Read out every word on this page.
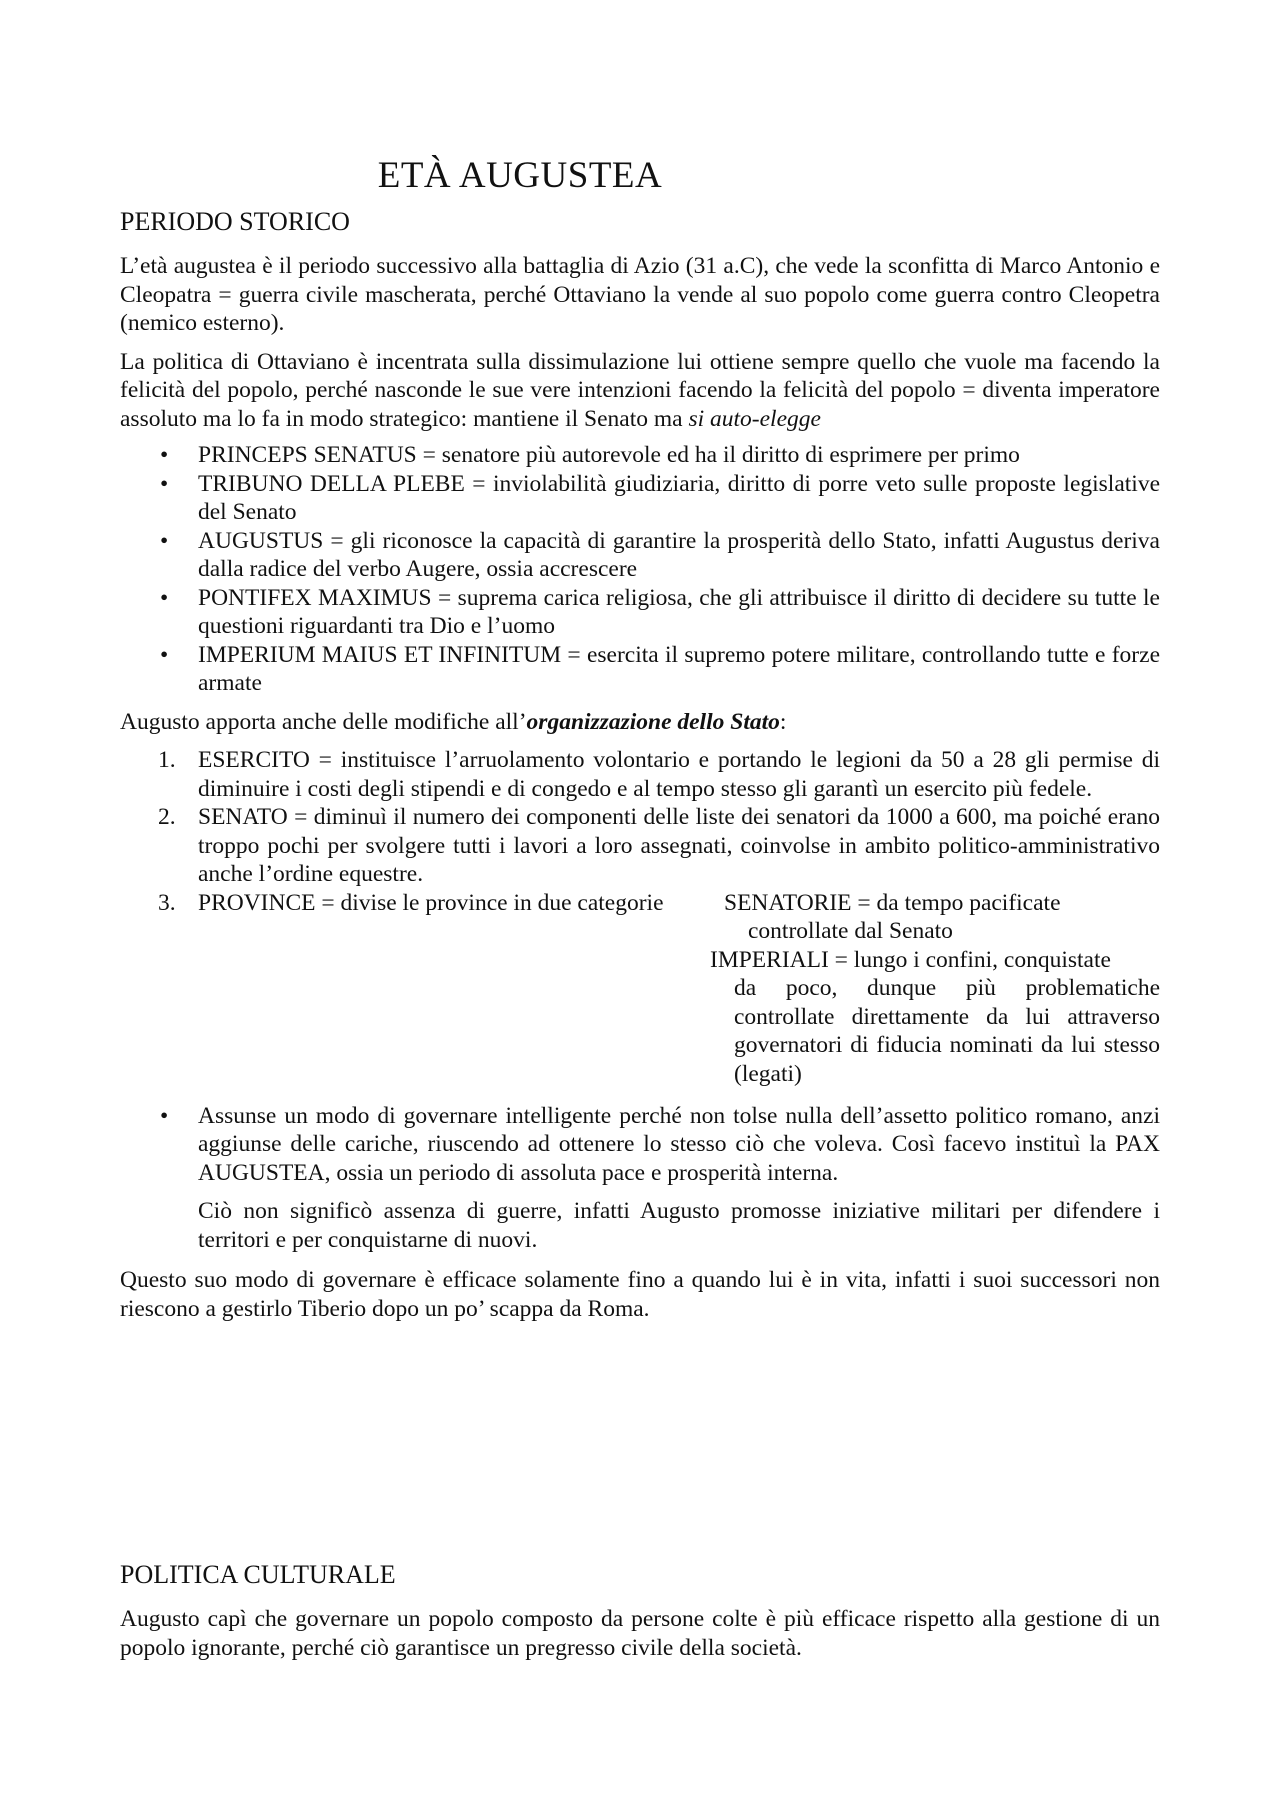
ETÀ AUGUSTEA
PERIODO STORICO

L’età augustea è il periodo successivo alla battaglia di Azio (31 a.C), che vede la sconfitta di Marco Antonio e Cleopatra = guerra civile mascherata, perché Ottaviano la vende al suo popolo come guerra contro Cleopetra (nemico esterno).

La politica di Ottaviano è incentrata sulla dissimulazione lui ottiene sempre quello che vuole ma facendo la felicità del popolo, perché nasconde le sue vere intenzioni facendo la felicità del popolo = diventa imperatore assoluto ma lo fa in modo strategico: mantiene il Senato ma si auto-elegge

• PRINCEPS SENATUS = senatore più autorevole ed ha il diritto di esprimere per primo
• TRIBUNO DELLA PLEBE = inviolabilità giudiziaria, diritto di porre veto sulle proposte legislative del Senato
• AUGUSTUS = gli riconosce la capacità di garantire la prosperità dello Stato, infatti Augustus deriva dalla radice del verbo Augere, ossia accrescere
• PONTIFEX MAXIMUS = suprema carica religiosa, che gli attribuisce il diritto di decidere su tutte le questioni riguardanti tra Dio e l’uomo
• IMPERIUM MAIUS ET INFINITUM = esercita il supremo potere militare, controllando tutte e forze armate

Augusto apporta anche delle modifiche all’organizzazione dello Stato:

1. ESERCITO = instituisce l’arruolamento volontario e portando le legioni da 50 a 28 gli permise di diminuire i costi degli stipendi e di congedo e al tempo stesso gli garantì un esercito più fedele.
2. SENATO = diminuì il numero dei componenti delle liste dei senatori da 1000 a 600, ma poiché erano troppo pochi per svolgere tutti i lavori a loro assegnati, coinvolse in ambito politico-amministrativo anche l’ordine equestre.
3. PROVINCE = divise le province in due categorie	SENATORIE = da tempo pacificate
controllate dal Senato
IMPERIALI = lungo i confini, conquistate
da poco, dunque più problematiche controllate direttamente da lui attraverso governatori di fiducia nominati da lui stesso (legati)
• Assunse un modo di governare intelligente perché non tolse nulla dell’assetto politico romano, anzi aggiunse delle cariche, riuscendo ad ottenere lo stesso ciò che voleva. Così facevo instituì la PAX AUGUSTEA, ossia un periodo di assoluta pace e prosperità interna.
Ciò non significò assenza di guerre, infatti Augusto promosse iniziative militari per difendere i territori e per conquistarne di nuovi.

Questo suo modo di governare è efficace solamente fino a quando lui è in vita, infatti i suoi successori non riescono a gestirlo Tiberio dopo un po’ scappa da Roma.

POLITICA CULTURALE

Augusto capì che governare un popolo composto da persone colte è più efficace rispetto alla gestione di un popolo ignorante, perché ciò garantisce un pregresso civile della società.
